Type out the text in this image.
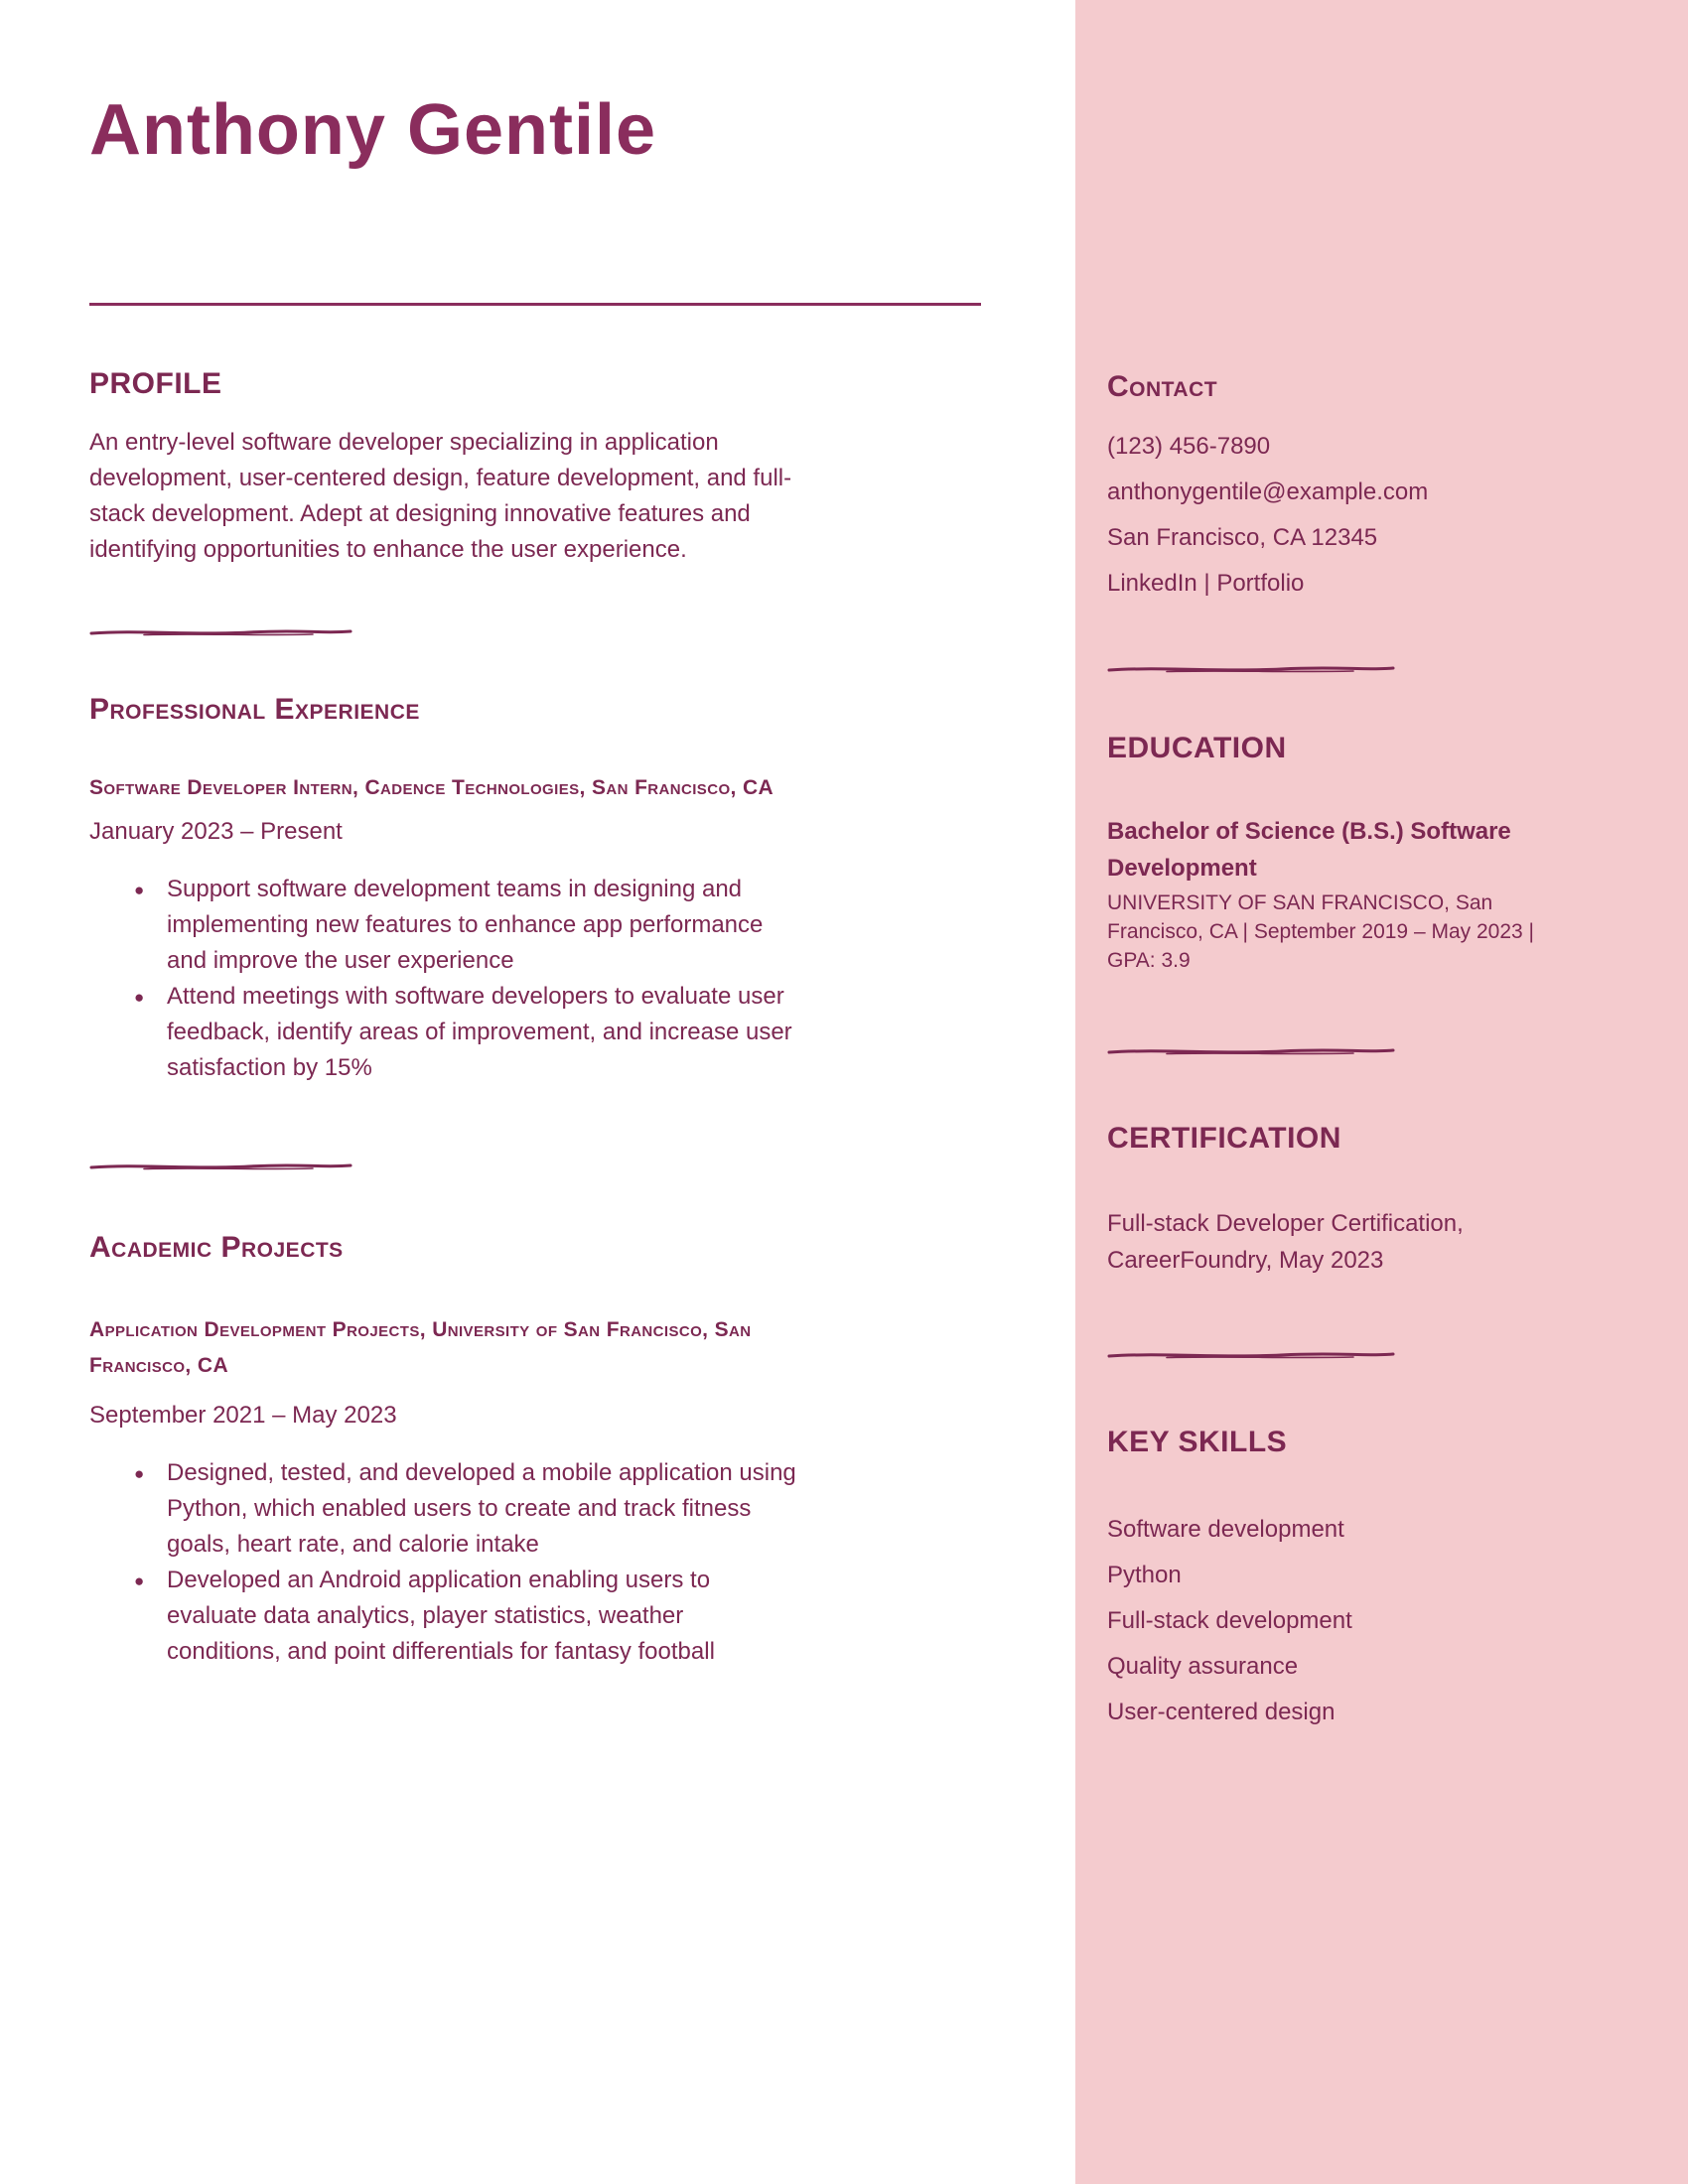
Anthony Gentile
PROFILE

An entry-level software developer specializing in application development, user-centered design, feature development, and full-stack development. Adept at designing innovative features and identifying opportunities to enhance the user experience.

Professional Experience
Software Developer Intern, Cadence Technologies, San Francisco, CA

January 2023 – Present

● Support software development teams in designing and implementing new features to enhance app performance and improve the user experience
● Attend meetings with software developers to evaluate user feedback, identify areas of improvement, and increase user satisfaction by 15%
Academic Projects
Application Development Projects, University of San Francisco, San Francisco, CA

September 2021 – May 2023

● Designed, tested, and developed a mobile application using Python, which enabled users to create and track fitness goals, heart rate, and calorie intake
● Developed an Android application enabling users to evaluate data analytics, player statistics, weather conditions, and point differentials for fantasy football
Contact

(123) 456-7890

anthonygentile@example.com

San Francisco, CA 12345

LinkedIn | Portfolio

EDUCATION

Bachelor of Science (B.S.) Software Development

UNIVERSITY OF SAN FRANCISCO, San Francisco, CA | September 2019 – May 2023 | GPA: 3.9

CERTIFICATION

Full-stack Developer Certification, CareerFoundry, May 2023

KEY SKILLS
Software development
Python
Full-stack development
Quality assurance
User-centered design
